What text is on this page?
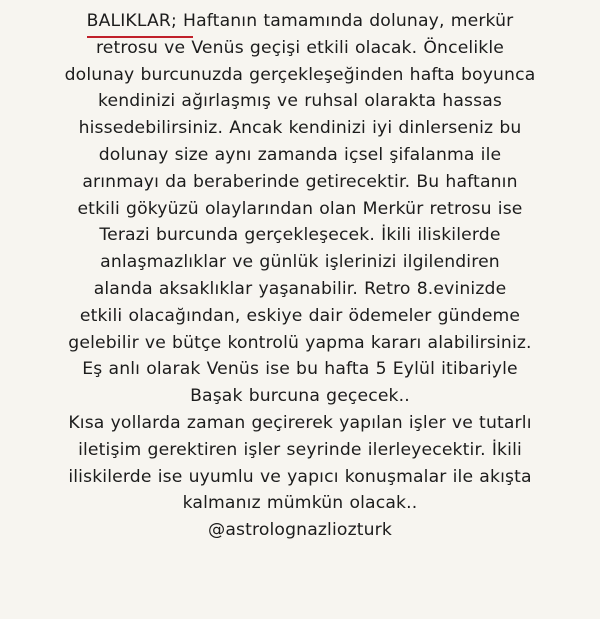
BALIKLAR;
Haftanın tamamında dolunay, merkür
retrosu ve Venüs geçişi etkili olacak. Öncelikle
dolunay burcunuzda gerçekleşeğinden hafta boyunca
kendinizi ağırlaşmış ve ruhsal olarakta hassas
hissedebilirsiniz. Ancak kendinizi iyi dinlerseniz bu
dolunay size aynı zamanda içsel şifalanma ile
arınmayı da beraberinde getirecektir. Bu haftanın
etkili gökyüzü olaylarından olan Merkür retrosu ise
Terazi burcunda gerçekleşecek. İkili iliskilerde
anlaşmazlıklar ve günlük işlerinizi ilgilendiren
alanda aksaklıklar yaşanabilir. Retro 8.evinizde
etkili olacağından, eskiye dair ödemeler gündeme
gelebilir ve bütçe kontrolü yapma kararı alabilirsiniz.
Eş anlı olarak Venüs ise bu hafta 5 Eylül itibariyle
Başak burcuna geçecek..
Kısa yollarda zaman geçirerek yapılan işler ve tutarlı
iletişim gerektiren işler seyrinde ilerleyecektir. İkili
iliskilerde ise uyumlu ve yapıcı konuşmalar ile akışta
kalmanız mümkün olacak..
@astrolognazliozturk
